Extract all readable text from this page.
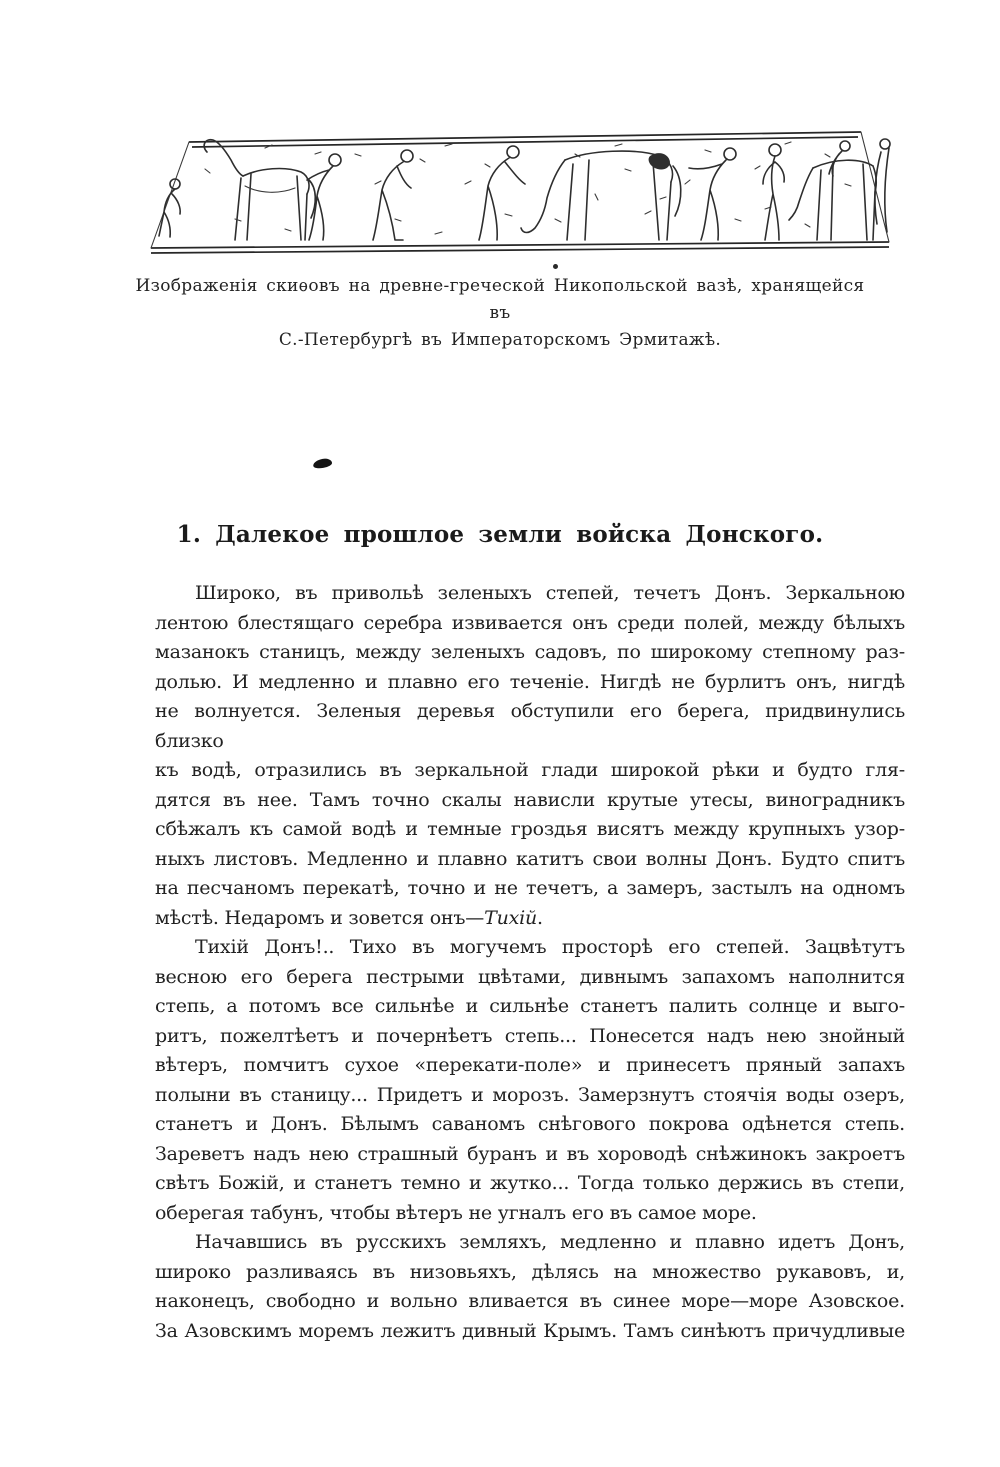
Изображенія скиѳовъ на древне-греческой Никопольской вазѣ, хранящейся въ
С.-Петербургѣ въ Императорскомъ Эрмитажѣ.
1. Далекое прошлое земли войска Донского.
Широко, въ привольѣ зеленыхъ степей, течетъ Донъ. Зеркальною
лентою блестящаго серебра извивается онъ среди полей, между бѣлыхъ
мазанокъ станицъ, между зеленыхъ садовъ, по широкому степному раз-
долью. И медленно и плавно его теченіе. Нигдѣ не бурлитъ онъ, нигдѣ
не волнуется. Зеленыя деревья обступили его берега, придвинулись близко
къ водѣ, отразились въ зеркальной глади широкой рѣки и будто гля-
дятся въ нее. Тамъ точно скалы нависли крутые утесы, виноградникъ
сбѣжалъ къ самой водѣ и темные гроздья висятъ между крупныхъ узор-
ныхъ листовъ. Медленно и плавно катитъ свои волны Донъ. Будто спитъ
на песчаномъ перекатѣ, точно и не течетъ, а замеръ, застылъ на одномъ
мѣстѣ. Недаромъ и зовется онъ—Тихій.
Тихій Донъ!.. Тихо въ могучемъ просторѣ его степей. Зацвѣтутъ
весною его берега пестрыми цвѣтами, дивнымъ запахомъ наполнится
степь, а потомъ все сильнѣе и сильнѣе станетъ палить солнце и выго-
ритъ, пожелтѣетъ и почернѣетъ степь... Понесется надъ нею знойный
вѣтеръ, помчитъ сухое «перекати-поле» и принесетъ пряный запахъ
полыни въ станицу... Придетъ и морозъ. Замерзнутъ стоячія воды озеръ,
станетъ и Донъ. Бѣлымъ саваномъ снѣгового покрова одѣнется степь.
Зареветъ надъ нею страшный буранъ и въ хороводѣ снѣжинокъ закроетъ
свѣтъ Божій, и станетъ темно и жутко... Тогда только держись въ степи,
оберегая табунъ, чтобы вѣтеръ не угналъ его въ самое море.
Начавшись въ русскихъ земляхъ, медленно и плавно идетъ Донъ,
широко разливаясь въ низовьяхъ, дѣлясь на множество рукавовъ, и,
наконецъ, свободно и вольно вливается въ синее море—море Азовское.
За Азовскимъ моремъ лежитъ дивный Крымъ. Тамъ синѣютъ причудливые
